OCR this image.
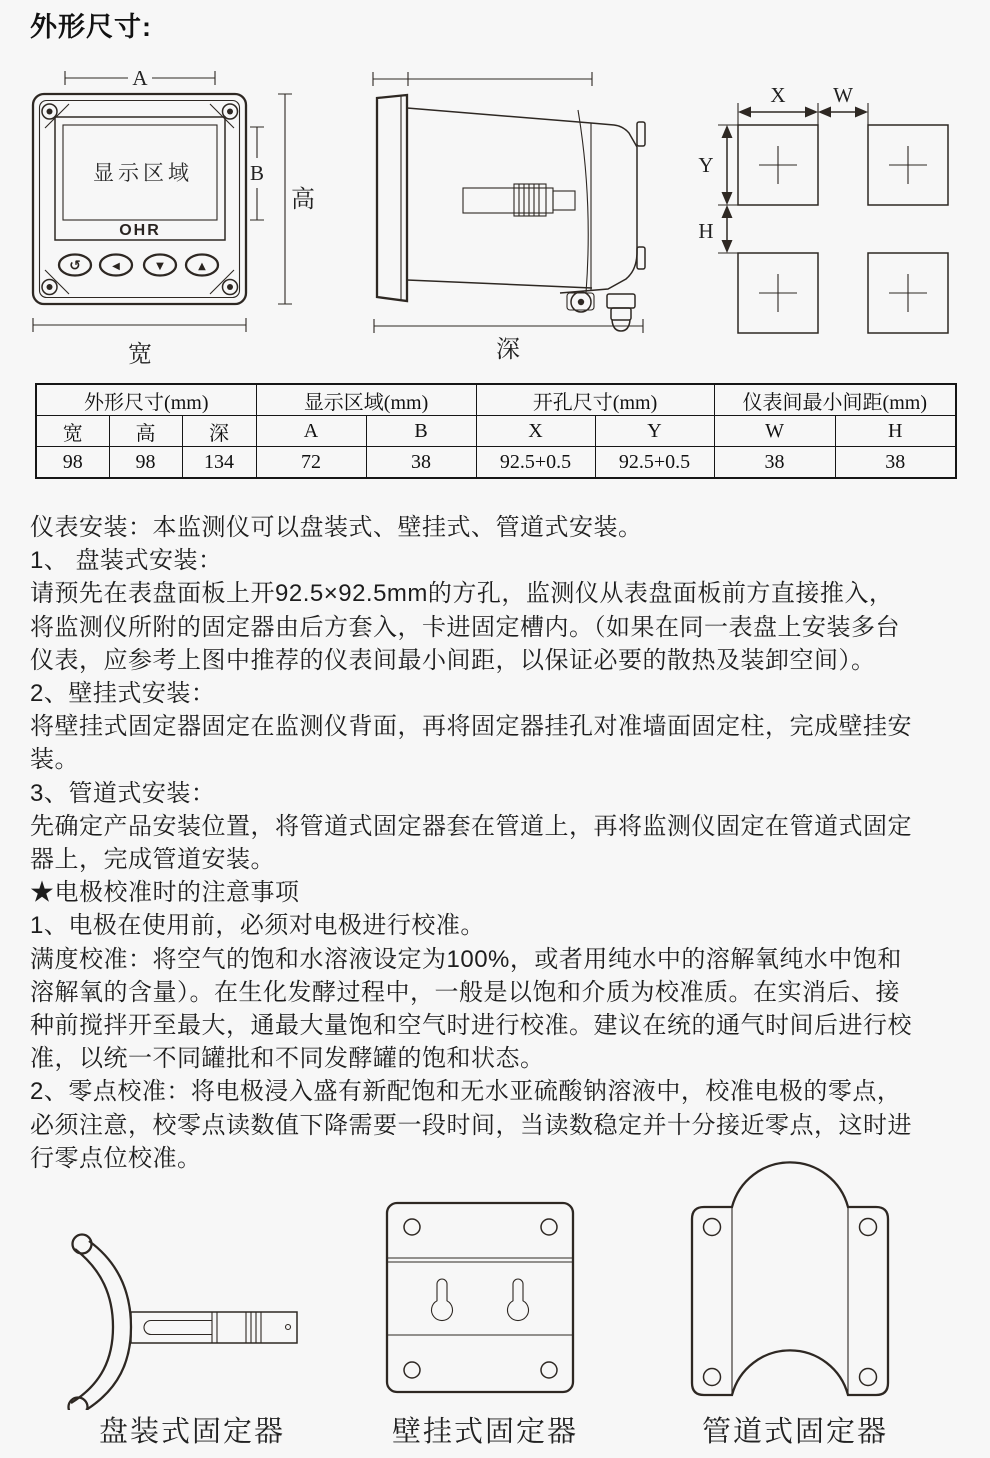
外形尺寸:
显示区域
OHR
↺	◀	▼	▲
A
B
高
宽	深
X W
Y
H
外形尺寸(mm)			显示区域(mm)		开孔尺寸(mm)		仪表间最小间距(mm)	
宽	高	深	A	B	X	Y	W	H
98	98	134	72	38	92.5+0.5	92.5+0.5	38	38
仪表安装：本监测仪可以盘装式、壁挂式、管道式安装。
1、 盘装式安装：
请预先在表盘面板上开92.5×92.5mm的方孔，监测仪从表盘面板前方直接推入，
将监测仪所附的固定器由后方套入，卡进固定槽内。（如果在同一表盘上安装多台
仪表，应参考上图中推荐的仪表间最小间距，以保证必要的散热及装卸空间）。
2、壁挂式安装：
将壁挂式固定器固定在监测仪背面，再将固定器挂孔对准墙面固定柱，完成壁挂安
装。
3、管道式安装：
先确定产品安装位置，将管道式固定器套在管道上，再将监测仪固定在管道式固定
器上，完成管道安装。
★电极校准时的注意事项
1、电极在使用前，必须对电极进行校准。
满度校准：将空气的饱和水溶液设定为100%，或者用纯水中的溶解氧纯水中饱和
溶解氧的含量）。在生化发酵过程中，一般是以饱和介质为校准质。在实消后、接
种前搅拌开至最大，通最大量饱和空气时进行校准。建议在统的通气时间后进行校
准，以统一不同罐批和不同发酵罐的饱和状态。
2、零点校准：将电极浸入盛有新配饱和无水亚硫酸钠溶液中，校准电极的零点，
必须注意，校零点读数值下降需要一段时间，当读数稳定并十分接近零点，这时进
行零点位校准。
盘装式固定器	壁挂式固定器	管道式固定器
